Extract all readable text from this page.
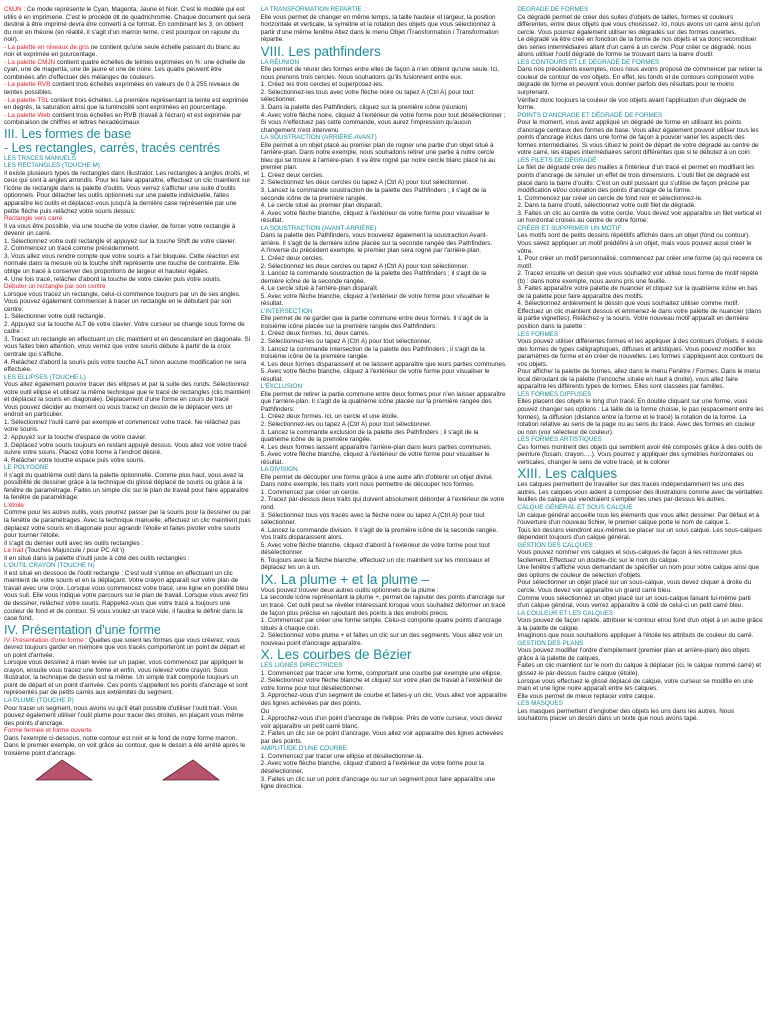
CMJN : Ce mode représente le Cyan, Magenta, Jaune et Noir. C'est le modèle qui est utilis é en imprimerie. C'est le procédé dit de quadrichromie. Chaque document qui sera destiné à être imprimé devra être converti à ce format. En combinant les 3, on obtient du noir en théorie (en réalité, il s'agit d'un marron terne, c'est pourquoi on rajoute du noir).

- La palette en niveaux de gris ne contient qu'une seule échelle passant du blanc au noir et exprimée en pourcentage.

- La palette CMJN contient quatre échelles de teintes exprimées en %: une échelle de cyan, une de magenta, une de jaune et une de noire. Les quatre peuvent être combinées afin d'effectuer des mélanges de couleurs.

- La palette RVB contient trois échelles exprimées en valeurs de 0 à 255 niveaux de teintes possibles.

- La palette TSL contient trois échelles. La première représentant la teinte est exprimée en degrés, la saturation ainsi que la luminosité sont exprimées en pourcentage.

- La palette Web contient trois échelles en RVB (travail à l'écran) et est exprimée par combinaison de chiffres et lettres hexadécimaux

III. Les formes de base

- Les rectangles, carrés, tracés centrés

LES TRACES MANUELS

LES RECTANGLES (TOUCHE M)

Il existe plusieurs types de rectangles dans Illustrator. Les rectangles à angles droits, et ceux qui sont à angles arrondis. Pour les faire apparaître, effectuez un clic maintient sur l'icône de rectangle dans la palette d'outils. Vous verrez s'afficher une suite d'outils optionnels. Pour détacher les outils optionnels sur une palette individuelle, faites apparaître les outils et déplacez-vous jusqu'à la dernière case représentée par une petite flèche puis relâchez votre souris dessus:

Rectangle vers carré

Il va vous être possible, via une touche de votre clavier, de forcer votre rectangle à devenir un carré.

1. Sélectionnez votre outil rectangle et appuyez sur la touche Shift de votre clavier.

2. Commencez un tracé comme précédemment.

3. Vous allez vous rendre compte que votre souris a l'air bloquée. Cette réaction est normale dans la mesure où la touche shift représente une touche de contrainte. Elle oblige un tracé à conserver des proportions de largeur et hauteur égales.

4. Une fois tracé, relâcher d'abord la touche de votre clavier puis votre souris.

Débuter un rectangle par son centre

Lorsque vous tracez un rectangle, celui-ci commence toujours par un de ses angles. Vous pouvez également commencer à tracer un rectangle en le débutant par son centre.

1. Sélectionner votre outil rectangle.

2. Appuyez sur la touche ALT de votre clavier. Votre curseur se change sous forme de cadre :

3. Tracez un rectangle en effectuant un clic maintient et en descendant en diagonale. Si vous faites bien attention, vous verrez que votre souris débute à partir de la croix centrale qui s'affiche.

4. Relâchez d'abord la souris puis votre touche ALT sinon aucune modification ne sera effectuée.

LES ELLIPSES (TOUCHE L)

Vous allez également pouvoir tracer des ellipses et par la suite des ronds. Sélectionnez votre outil ellipse et utilisez la même technique que le tracé de rectangles (clic maintient et déplacez la souris en diagonale). Déplacement d'une forme en cours de tracé

Vous pouvez décider au moment où vous tracez un dessin de le déplacer vers un endroit en particulier.

1. Sélectionnez l'outil carré par exemple et commencez votre tracé. Ne relâchez pas votre souris.

2. Appuyez sur la touche d'espace de votre clavier.

3. Déplacez votre souris toujours en restant appuyé dessus. Vous allez voir votre tracé suivre votre souris. Placez votre forme à l'endroit désiré.

4. Relâcher votre touche espace puis votre souris.

LE POLYGONE

Il s'agit du quatrième outil dans la palette optionnelle. Comme plus haut, vous avez la possibilité de dessiner grâce à la technique du glissé déplacé de souris ou grâce à la fenêtre de paramétrage. Faites un simple clic sur le plan de travail pour faire apparaître la fenêtre de paramétrage:

L'étoile

Comme pour les autres outils, vous pourrez passer par la souris pour la dessiner ou par la fenêtre de paramétrages. Avec la technique manuelle, effectuez un clic maintient puis déplacez votre souris en diagonale pour agrandir l'étoile et faites pivoter votre souris pour tourner l'étoile.

Il s'agit du dernier outil avec les outils rectangles :

Le trait (Touches Majuscule / pour PC Alt \)

Il en situé dans la palette d'outil juste à côté des outils rectangles :

L'OUTIL CRAYON (TOUCHE N)

Il est situé en dessous de l'outil rectangle : C'est outil s'utilise en effectuant un clic maintient de votre souris et en la déplaçant. Votre crayon apparaît sur votre plan de travail avec une croix. Lorsque vous commencez votre tracé, une ligne en pointillé bleu vous suit. Elle vous indique votre parcours sur le plan de travail. Lorsque vous avez fini de dessiner, relâchez votre souris. Rappelez-vous que votre tracé a toujours une couleur de fond et de contour. Si vous voulez un tracé vide, il faudra le définir dans la case fond.

IV. Présentation d'une forme

IV. Présentation d'une forme : Quelles que soient les formes que vous créerez, vous devrez toujours garder en mémoire que vos tracés comporteront un point de départ et un point d'arrivée.

Lorsque vous dessinez à main levée sur un papier, vous commencez par appliquer le crayon, ensuite vous tracez une forme et enfin, vous relevez votre crayon. Sous Illustrator, la technique de dessin est la même. Un simple trait comporte toujours un point de départ et un point d'arrivée. Ces points s'appellent les points d'ancrage et sont représentés par de petits carrés aux extrémités du segment.

LA PLUME (TOUCHE P)

Pour tracer un segment, nous avons vu qu'il était possible d'utiliser l'outil trait. Vous pouvez également utiliser l'outil plume pour tracer des droites, en plaçant vous même des points d'ancrage.

Forme fermée et forme ouverte

Dans l'exemple ci-dessous, notre contour est noir et le fond de notre forme marron. Dans le premier exemple, on voit grâce au contour, que le dessin a été arrêté après le troisième point d'ancrage.

LA TRANSFORMATION RÉPARTIE :

Elle vous permet de changer en même temps, la taille hauteur et largeur, la position horizontale et verticale, la symétrie et la rotation des objets que vous sélectionnez à partir d'une même fenêtre Allez dans le menu Objet /Transformation / Transformation répartie.

VIII. Les pathfinders

LA RÉUNION

Elle permet de réunir des formes entre elles de façon à n'en obtenir qu'une seule. Ici, nous prenons trois cercles. Nous souhaitons qu'ils fusionnent entre eux.

1. Créez les trois cercles et superposez-les.

2. Sélectionnez-les tous avec votre flèche noire ou tapez A (Ctrl A) pour tout sélectionner.

3. Dans la palette des Pathfinders, cliquez sur la première icône (réunion)

4. Avec votre flèche noire, cliquez à l'extérieur de votre forme pour tout désélectionner ; Si vous n'effectuez pas cette commande, vous aurez l'impression qu'aucun changement n'est intervenu

LA SOUSTRACTION (ARRIÈRE-AVANT)

Elle permet à un objet placé au premier plan de rogner une partie d'un objet situé à l'arrière-plan. Dans notre exemple, nous souhaitons retirer une partie à notre cercle bleu qui se trouve à l'arrière-plan. Il va être rogné par notre cercle blanc placé lui au premier plan.

1. Créez deux cercles.

2. Sélectionnez les deux cercles ou tapez A (Ctrl A) pour tout sélectionner.

3. Lancez la commande soustraction de la palette des Pathfinders ; il s'agit de la seconde icône de la première rangée.

4. Le cercle situé au premier plan disparaît.

4. Avec votre flèche blanche, cliquez à l'extérieur de votre forme pour visualiser le résultat.

LA SOUSTRACTION (AVANT-ARRIÈRE)

Dans la palette des Pathfinders, vous trouverez également la soustraction Avant-arrière. Il s'agit de la dernière icône placée sur la seconde rangée des Pathfinders.

A l'inverse du précédent exemple, le premier plan sera rogné par l'arrière-plan.

1. Créez deux cercles.

2. Sélectionnez les deux cercles ou tapez A (Ctrl A) pour tout sélectionner.

3. Lancez la commande soustraction de la palette des Pathfinders ; il s'agit de la dernière icône de la seconde rangée.

4. Le cercle situé à l'arrière-plan disparaît.

5. Avec votre flèche blanche, cliquez à l'extérieur de votre forme pour visualiser le résultat.

L'INTERSECTION

Elle permet de ne garder que la partie commune entre deux formes. Il s'agit de la troisième icône placée sur la première rangée des Pathfinders:

1. Créez deux formes. Ici, deux carrés.

2. Sélectionnez-les ou tapez A (Ctrl A) pour tout sélectionner.

3. Lancez la commande Intersection de la palette des Pathfinders ; il s'agit de la troisième icône de la première rangée.

4. Les deux formes disparaissent et ne laissent apparaître que leurs parties communes.

5. Avec votre flèche blanche, cliquez à l'extérieur de votre forme pour visualiser le résultat.

L'EXCLUSION

Elle permet de retirer la partie commune entre deux formes pour n'en laisser apparaître que l'arrière-plan. Il s'agit de la quatrième icône placée sur la première rangée des Pathfinders:

1. Créez deux formes. Ici, un cercle et une étoile.

2. Sélectionnez-les ou tapez A (Ctrl A) pour tout sélectionner.

3. Lancez la commande exclusion de la palette des Pathfinders ; il s'agit de la quatrième icône de la première rangée.

4. Les deux formes laissent apparaître l'arrière-plan dans leurs parties communes.

5. Avec votre flèche blanche, cliquez à l'extérieur de votre forme pour visualiser le résultat.

LA DIVISION

Elle permet de découper une forme grâce à une autre afin d'obtenir un objet divisé. Dans notre exemple, les traits vont nous permettre de découper nos formes.

1. Commencez par créer un cercle.

2. Tracez par-dessus deux traits qui doivent absolument déborder à l'extérieur de votre rond.

3. Sélectionnez tous vos tracés avec la flèche noire ou tapez A (Ctrl A) pour tout sélectionner.

4. Lancez la commande division. Il s'agit de la première icône de la seconde rangée. Vos traits disparaissent alors.

5. Avec votre flèche blanche, cliquez d'abord à l'extérieur de votre forme pour tout désélectionner.

6. Toujours avec la flèche blanche, effectuez un clic maintient sur les morceaux et déplacez les un à un.

IX. La plume + et la plume –

Vous pouvez trouver deux autres outils optionnels de la plume :

La seconde icône représentant la plume +, permet de rajouter des points d'ancrage sur un tracé. Cet outil peut se révéler intéressant lorsque vous souhaitez déformer un tracé de façon plus précise en rajoutant des points à des endroits précis.

1. Commencez par créer une forme simple. Celui-ci comporte quatre points d'ancrage situés à chaque coin.

2. Sélectionnez votre plume + et faites un clic sur un des segments. Vous allez voir un nouveau point d'ancrage apparaître.

X. Les courbes de Bézier

LES LIGNES DIRECTRICES

1. Commencez par tracer une forme, comportant une courbe par exemple une ellipse.

2. Sélectionnez votre flèche blanche et cliquez sur votre plan de travail à l'extérieur de votre forme pour tout désélectionner.

3. Approchez-vous d'un segment de courbe et faites-y un clic. Vous allez voir apparaître des lignes achevées par des points.

Ou

1. Approchez-vous d'un point d'ancrage de l'ellipse. Près de votre curseur, vous devez voir apparaître un petit carré blanc.

2. Faites un clic sur ce point d'ancrage. Vous allez voir apparaître des lignes achevées par des points.

AMPLITUDE D'UNE COURBE

1. Commencez par tracer une ellipse et désélectionner-la.

2. Avec votre flèche blanche, cliquez d'abord à l'extérieur de votre forme pour la désélectionner.

3. Faites un clic sur un point d'ancrage ou sur un segment pour faire apparaître une ligne directrice.

DÉGRADÉ DE FORMES

Ce dégradé permet de créer des suites d'objets de tailles, formes et couleurs différentes, entre deux objets que vous choisissez. Ici, nous avons un carré ainsi qu'un cercle. Vous pourrez également utiliser les dégradés sur des formes ouvertes.

Le dégradé va être créé en fonction de la forme de nos objets et va donc reconstituer des séries intermédiaires allant d'un carré à un cercle. Pour créer ce dégradé, nous allons utiliser l'outil dégradé de forme se trouvant dans la barre d'outil:

LES CONTOURS ET LE DÉGRADÉ DE FORMES

Dans nos précédents exemples, nous nous avons proposé de commencer par retirer la couleur de contour de vos objets. En effet, les fonds et de contours composent votre dégradé de forme et peuvent vous donner parfois des résultats pour le moins surprenant.

Vérifiez donc toujours la couleur de vos objets avant l'application d'un dégradé de forme.

POINTS D'ANCRAGE ET DÉGRADÉ DE FORMES

Pour le moment, vous avez appliqué un dégradé de forme en utilisant les points d'ancrage centraux des formes de base. Vous allez également pouvoir utiliser tous les points d'ancrage inclus dans une forme de façon à pouvoir varier les aspects des formes intermédiaires. Si vous situez le point de départ de votre dégradé au centre de votre carré, les étapes intermédiaires seront différentes que si le débutez à un coin:

LES FILETS DE DÉGRADÉ

Le filet de dégradé crée des mailles à l'intérieur d'un tracé et permet en modifiant les points d'ancrage de simuler un effet de trois dimensions. L'outil filet de dégradé est placé dans la barre d'outils: C'est un outil puissant qui s'utilise de façon précise par modification et/ou coloration des points d'ancrage de la forme.

1. Commencez par créer un cercle de fond noir et sélectionnez-le.

2. Dans la barre d'outil, sélectionnez votre outil filet de dégradé.

3. Faites un clic au centre de votre cercle. Vous devez voir apparaître un filet vertical et un horizontal croisés au centre de votre forme:

CRÉER ET SUPPRIMER UN MOTIF

Les motifs sont de petits dessins répétitifs affichés dans un objet (fond ou contour).

Vous savez appliquer un motif prédéfini à un objet, mais vous pouvez aussi créer le vôtre.

1. Pour créer un motif personnalisé, commencez par créer une forme (a) qui recevra ce motif.

2. Tracez ensuite un dessin que vous souhaitez voir utilisé sous forme de motif répété (b) : dans notre exemple, nous avons pris une feuille.

3. Faites apparaître votre palette de nuancier et cliquez sur la quatrième icône en bas de la palette pour faire apparaître des motifs.

4. Sélectionnez entièrement le dessin que vous souhaitez utiliser comme motif. Effectuez un clic maintient dessus et emmenez-le dans votre palette de nuancier (dans la partie vignettes). Relâchez-y la souris. Votre nouveau motif apparaît en dernière position dans la palette :

LES FORMES

Vous pouvez utiliser différentes formes et les appliquer à des contours d'objets. Il existe des formes de types calligraphiques, diffuses et artistiques. Vous pouvez modifier les paramètres de forme et en créer de nouvelles. Les formes s'appliquent aux contours de vos objets.

Pour afficher la palette de formes, allez dans le menu Fenêtre / Formes. Dans le menu local déroulant de la palette (l'encoche située en haut à droite), vous allez faire apparaître les différents types de formes. Elles sont classées par familles.

LES FORMES DIFFUSES

Elles placent des objets le long d'un tracé; En double cliquant sur une forme, vous pouvez changer ses options : La taille de la forme choisie, le pas (espacement entre les formes), la diffusion (distance entre la forme et le tracé) la rotation de la forme. La rotation relative au sens de la page ou au sens du tracé. Avec des formes en couleur ou non (voir sélecteur de couleur).

LES FORMES ARTISTIQUES

Ces formes montrent des objets qui semblent avoir été composés grâce à des outils de peinture (fusain, crayon….). Vous pourrez y appliquer des symétries horizontales ou verticales, changer le sens de votre tracé, et le colorer

XIII. Les calques

Les calques permettent de travailler sur des tracés indépendamment les uns des autres. Les calques vous aident à composer des illustrations comme avec de véritables feuilles de calque qui viendraient s'empiler les unes par-dessus les autres.

CALQUE GÉNÉRAL ET SOUS CALQUE

Un calque général accueille tous les éléments que vous allez dessiner. Par défaut et à l'ouverture d'un nouveau fichier, le premier calque porte le nom de calque 1.

Tous les dessins viendront eux-mêmes se placer sur un sous calque. Les sous-calques dépendent toujours d'un calque général.

GESTION DES CALQUES :

Vous pouvez nommer vos calques et sous-calques de façon à les retrouver plus facilement. Effectuez un double-clic sur le nom du calque.

Une fenêtre s'affiche vous demandant de spécifier un nom pour votre calque ainsi que des options de couleur de sélection d'objets.

Pour sélectionner un objet placé sur un sous-calque, vous devez cliquer à droite du cercle. Vous devez voir apparaître un grand carré bleu.

Comme vous sélectionnez un objet placé sur un sous-calque faisant lui-même parti d'un calque général, vous verrez apparaître à côté de celui-ci un petit carré bleu.

LA COULEUR ET LES CALQUES

Vous pouvez de façon rapide, attribuer le contour et/ou fond d'un objet à un autre grâce à la palette de calque.

Imaginons que nous souhaitions appliquer à l'étoile les attributs de couleur du carré.

GESTION DES PLANS

Vous pouvez modifier l'ordre d'empilement (premier plan et arrière-plan) des objets grâce à la palette de calques.

Faites un clic maintient sur le nom du calque à déplacer (ici, le calque nommé carré) et glissez-le par-dessus l'autre calque (étoile).

Lorsque vous effectuez le glissé déplacé de calque, votre curseur se modifie en une main et une ligne noire apparaît entre les calques.

Elle vous permet de mieux replacer votre calque.

LES MASQUES

Les masques permettent d'englober des objets les uns dans les autres. Nous souhaitons placer un dessin dans un texte que nous avons tapé.
